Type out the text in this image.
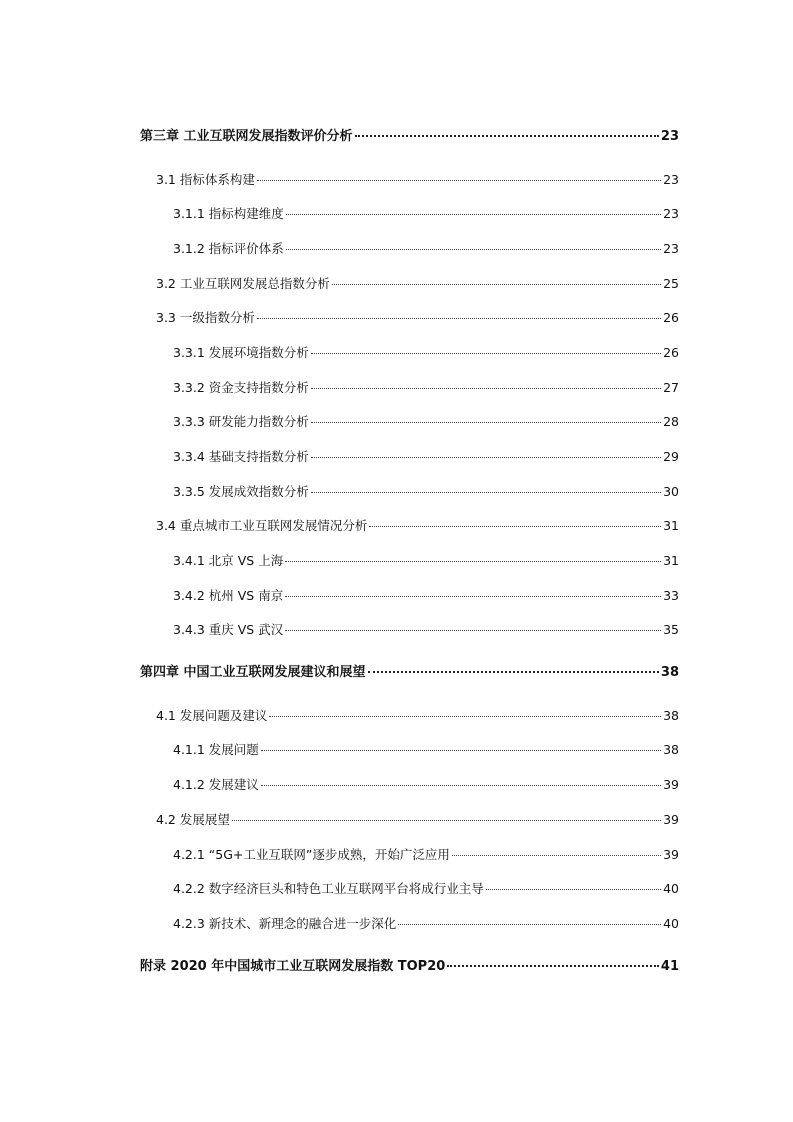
第三章 工业互联网发展指数评价分析	23
3.1 指标体系构建	23
3.1.1 指标构建维度	23
3.1.2 指标评价体系	23
3.2 工业互联网发展总指数分析	25
3.3 一级指数分析	26
3.3.1 发展环境指数分析	26
3.3.2 资金支持指数分析	27
3.3.3 研发能力指数分析	28
3.3.4 基础支持指数分析	29
3.3.5 发展成效指数分析	30
3.4 重点城市工业互联网发展情况分析	31
3.4.1 北京 VS 上海	31
3.4.2 杭州 VS 南京	33
3.4.3 重庆 VS 武汉	35
第四章 中国工业互联网发展建议和展望	38
4.1 发展问题及建议	38
4.1.1 发展问题	38
4.1.2 发展建议	39
4.2 发展展望	39
4.2.1 “5G+工业互联网”逐步成熟，开始广泛应用	39
4.2.2 数字经济巨头和特色工业互联网平台将成行业主导	40
4.2.3 新技术、新理念的融合进一步深化	40
附录 2020 年中国城市工业互联网发展指数 TOP20	41
